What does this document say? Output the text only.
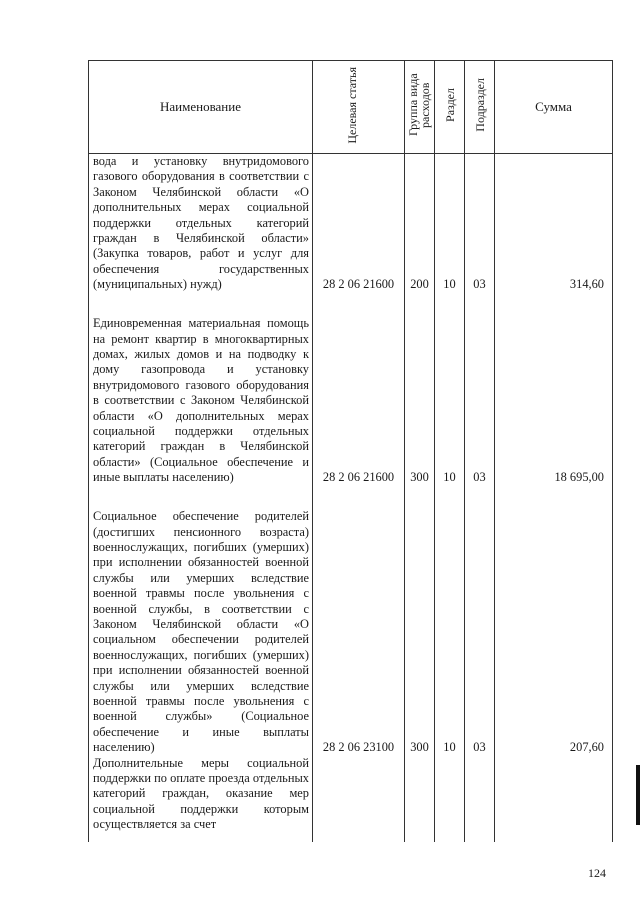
Наименование	Целевая статья	Группа вида расходов	Раздел	Подраздел	Сумма
вода и установку внутридомового газового оборудования в соответствии с Законом Челябинской области «О дополнительных мерах социальной поддержки отдельных категорий граждан в Челябинской области» (Закупка товаров, работ и услуг для обеспечения государственных (муниципальных) нужд)	28 2 06 21600	200	10	03	314,60
Единовременная материальная помощь на ремонт квартир в многоквартирных домах, жилых домов и на подводку к дому газопровода и установку внутридомового газового оборудования в соответствии с Законом Челябинской области «О дополнительных мерах социальной поддержки отдельных категорий граждан в Челябинской области» (Социальное обеспечение и иные выплаты населению)	28 2 06 21600	300	10	03	18 695,00
Социальное обеспечение родителей (достигших пенсионного возраста) военнослужащих, погибших (умерших) при исполнении обязанностей военной службы или умерших вследствие военной травмы после увольнения с военной службы, в соответствии с Законом Челябинской области «О социальном обеспечении родителей военнослужащих, погибших (умерших) при исполнении обязанностей военной службы или умерших вследствие военной травмы после увольнения с военной службы» (Социальное обеспечение и иные выплаты населению)	28 2 06 23100	300	10	03	207,60
Дополнительные меры социальной поддержки по оплате проезда отдельных категорий граждан, оказание мер социальной поддержки которым осуществляется за счет					
124
